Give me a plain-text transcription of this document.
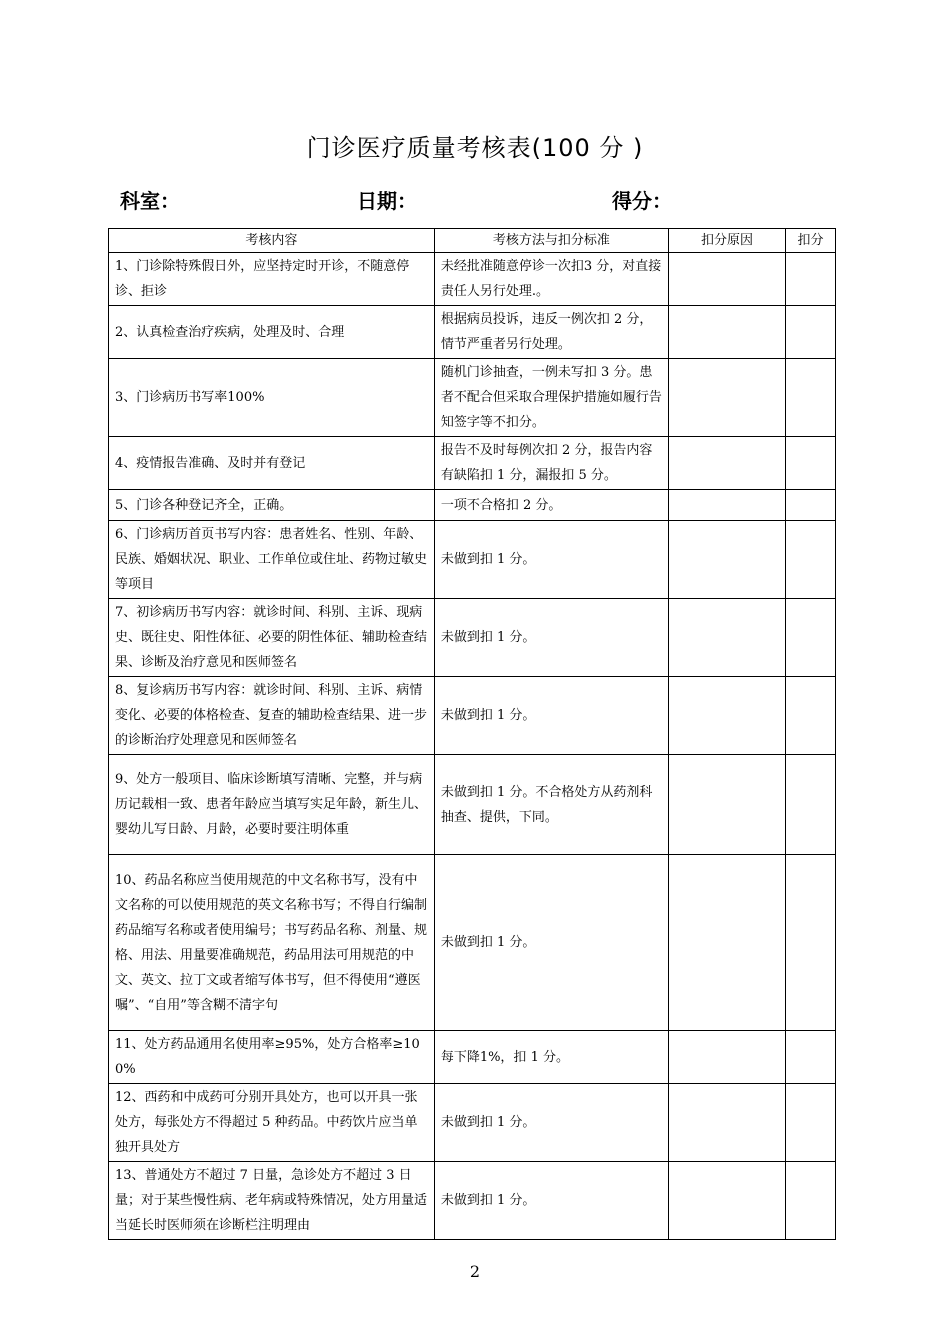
门诊医疗质量考核表(100 分 )
科室：	日期：	得分：
考核内容	考核方法与扣分标准	扣分原因	扣分
1、门诊除特殊假日外，应坚持定时开诊，不随意停诊、拒诊	未经批准随意停诊一次扣3 分，对直接责任人另行处理.。		
2、认真检查治疗疾病，处理及时、合理	根据病员投诉，违反一例次扣 2 分，情节严重者另行处理。		
3、门诊病历书写率100%	随机门诊抽查，一例未写扣 3 分。患者不配合但采取合理保护措施如履行告知签字等不扣分。		
4、疫情报告准确、及时并有登记	报告不及时每例次扣 2 分，报告内容有缺陷扣 1 分，漏报扣 5 分。		
5、门诊各种登记齐全，正确。	一项不合格扣 2 分。		
6、门诊病历首页书写内容：患者姓名、性别、年龄、民族、婚姻状况、职业、工作单位或住址、药物过敏史等项目	未做到扣 1 分。		
7、初诊病历书写内容：就诊时间、科别、主诉、现病史、既往史、阳性体征、必要的阴性体征、辅助检查结果、诊断及治疗意见和医师签名	未做到扣 1 分。		
8、复诊病历书写内容：就诊时间、科别、主诉、病情变化、必要的体格检查、复查的辅助检查结果、进一步的诊断治疗处理意见和医师签名	未做到扣 1 分。		
9、处方一般项目、临床诊断填写清晰、完整，并与病历记载相一致、患者年龄应当填写实足年龄，新生儿、婴幼儿写日龄、月龄，必要时要注明体重	未做到扣 1 分。不合格处方从药剂科抽查、提供，下同。		
10、药品名称应当使用规范的中文名称书写，没有中文名称的可以使用规范的英文名称书写；不得自行编制药品缩写名称或者使用编号；书写药品名称、剂量、规格、用法、用量要准确规范，药品用法可用规范的中文、英文、拉丁文或者缩写体书写，但不得使用“遵医嘱”、“自用”等含糊不清字句	未做到扣 1 分。		
11、处方药品通用名使用率≥95%，处方合格率≥100%	每下降1%，扣 1 分。		
12、西药和中成药可分别开具处方，也可以开具一张处方，每张处方不得超过 5 种药品。中药饮片应当单独开具处方	未做到扣 1 分。		
13、普通处方不超过 7 日量，急诊处方不超过 3 日量；对于某些慢性病、老年病或特殊情况，处方用量适当延长时医师须在诊断栏注明理由	未做到扣 1 分。		
2
